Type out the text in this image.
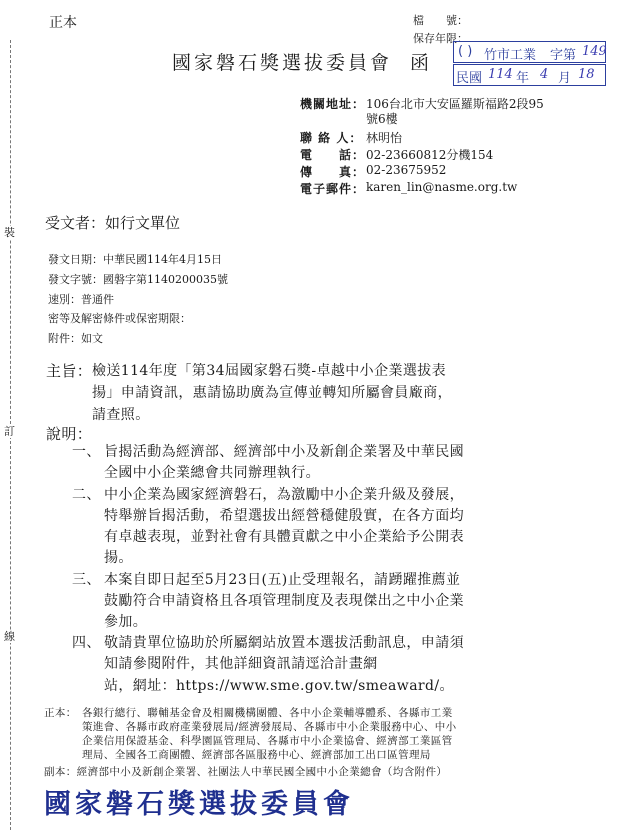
裝
訂
線
正本	檔　　號：
保存年限：
國家磐石獎選拔委員會 函
( ) 竹市工業 字第 149
民國 114 年 4 月 18
機關地址： 106台北市大安區羅斯福路2段95
號6樓
聯 絡 人： 林明怡
電　　話： 02-23660812分機154
傳　　真： 02-23675952
電子郵件： karen_lin@nasme.org.tw
受文者：如行文單位
發文日期：中華民國114年4月15日
發文字號：國磐字第1140200035號
速別：普通件
密等及解密條件或保密期限：
附件：如文
主旨： 檢送114年度「第34屆國家磐石獎-卓越中小企業選拔表
揚」申請資訊，惠請協助廣為宣傳並轉知所屬會員廠商，
請查照。
說明：
一、 旨揭活動為經濟部、經濟部中小及新創企業署及中華民國
全國中小企業總會共同辦理執行。
二、 中小企業為國家經濟磐石，為激勵中小企業升級及發展，
特舉辦旨揭活動，希望選拔出經營穩健殷實，在各方面均
有卓越表現，並對社會有具體貢獻之中小企業給予公開表
揚。
三、 本案自即日起至5月23日(五)止受理報名，請踴躍推薦並
鼓勵符合申請資格且各項管理制度及表現傑出之中小企業
參加。
四、 敬請貴單位協助於所屬網站放置本選拔活動訊息，申請須
知請參閱附件，其他詳細資訊請逕洽計畫網
站，網址：https://www.sme.gov.tw/smeaward/。
正本： 各銀行總行、聯輔基金會及相關機構團體、各中小企業輔導體系、各縣市工業
策進會、各縣市政府產業發展局/經濟發展局、各縣市中小企業服務中心、中小
企業信用保證基金、科學園區管理局、各縣市中小企業協會、經濟部工業區管
理局、全國各工商團體、經濟部各區服務中心、經濟部加工出口區管理局
國家磐石獎選拔委員會
副本：經濟部中小及新創企業署、社團法人中華民國全國中小企業總會（均含附件）
